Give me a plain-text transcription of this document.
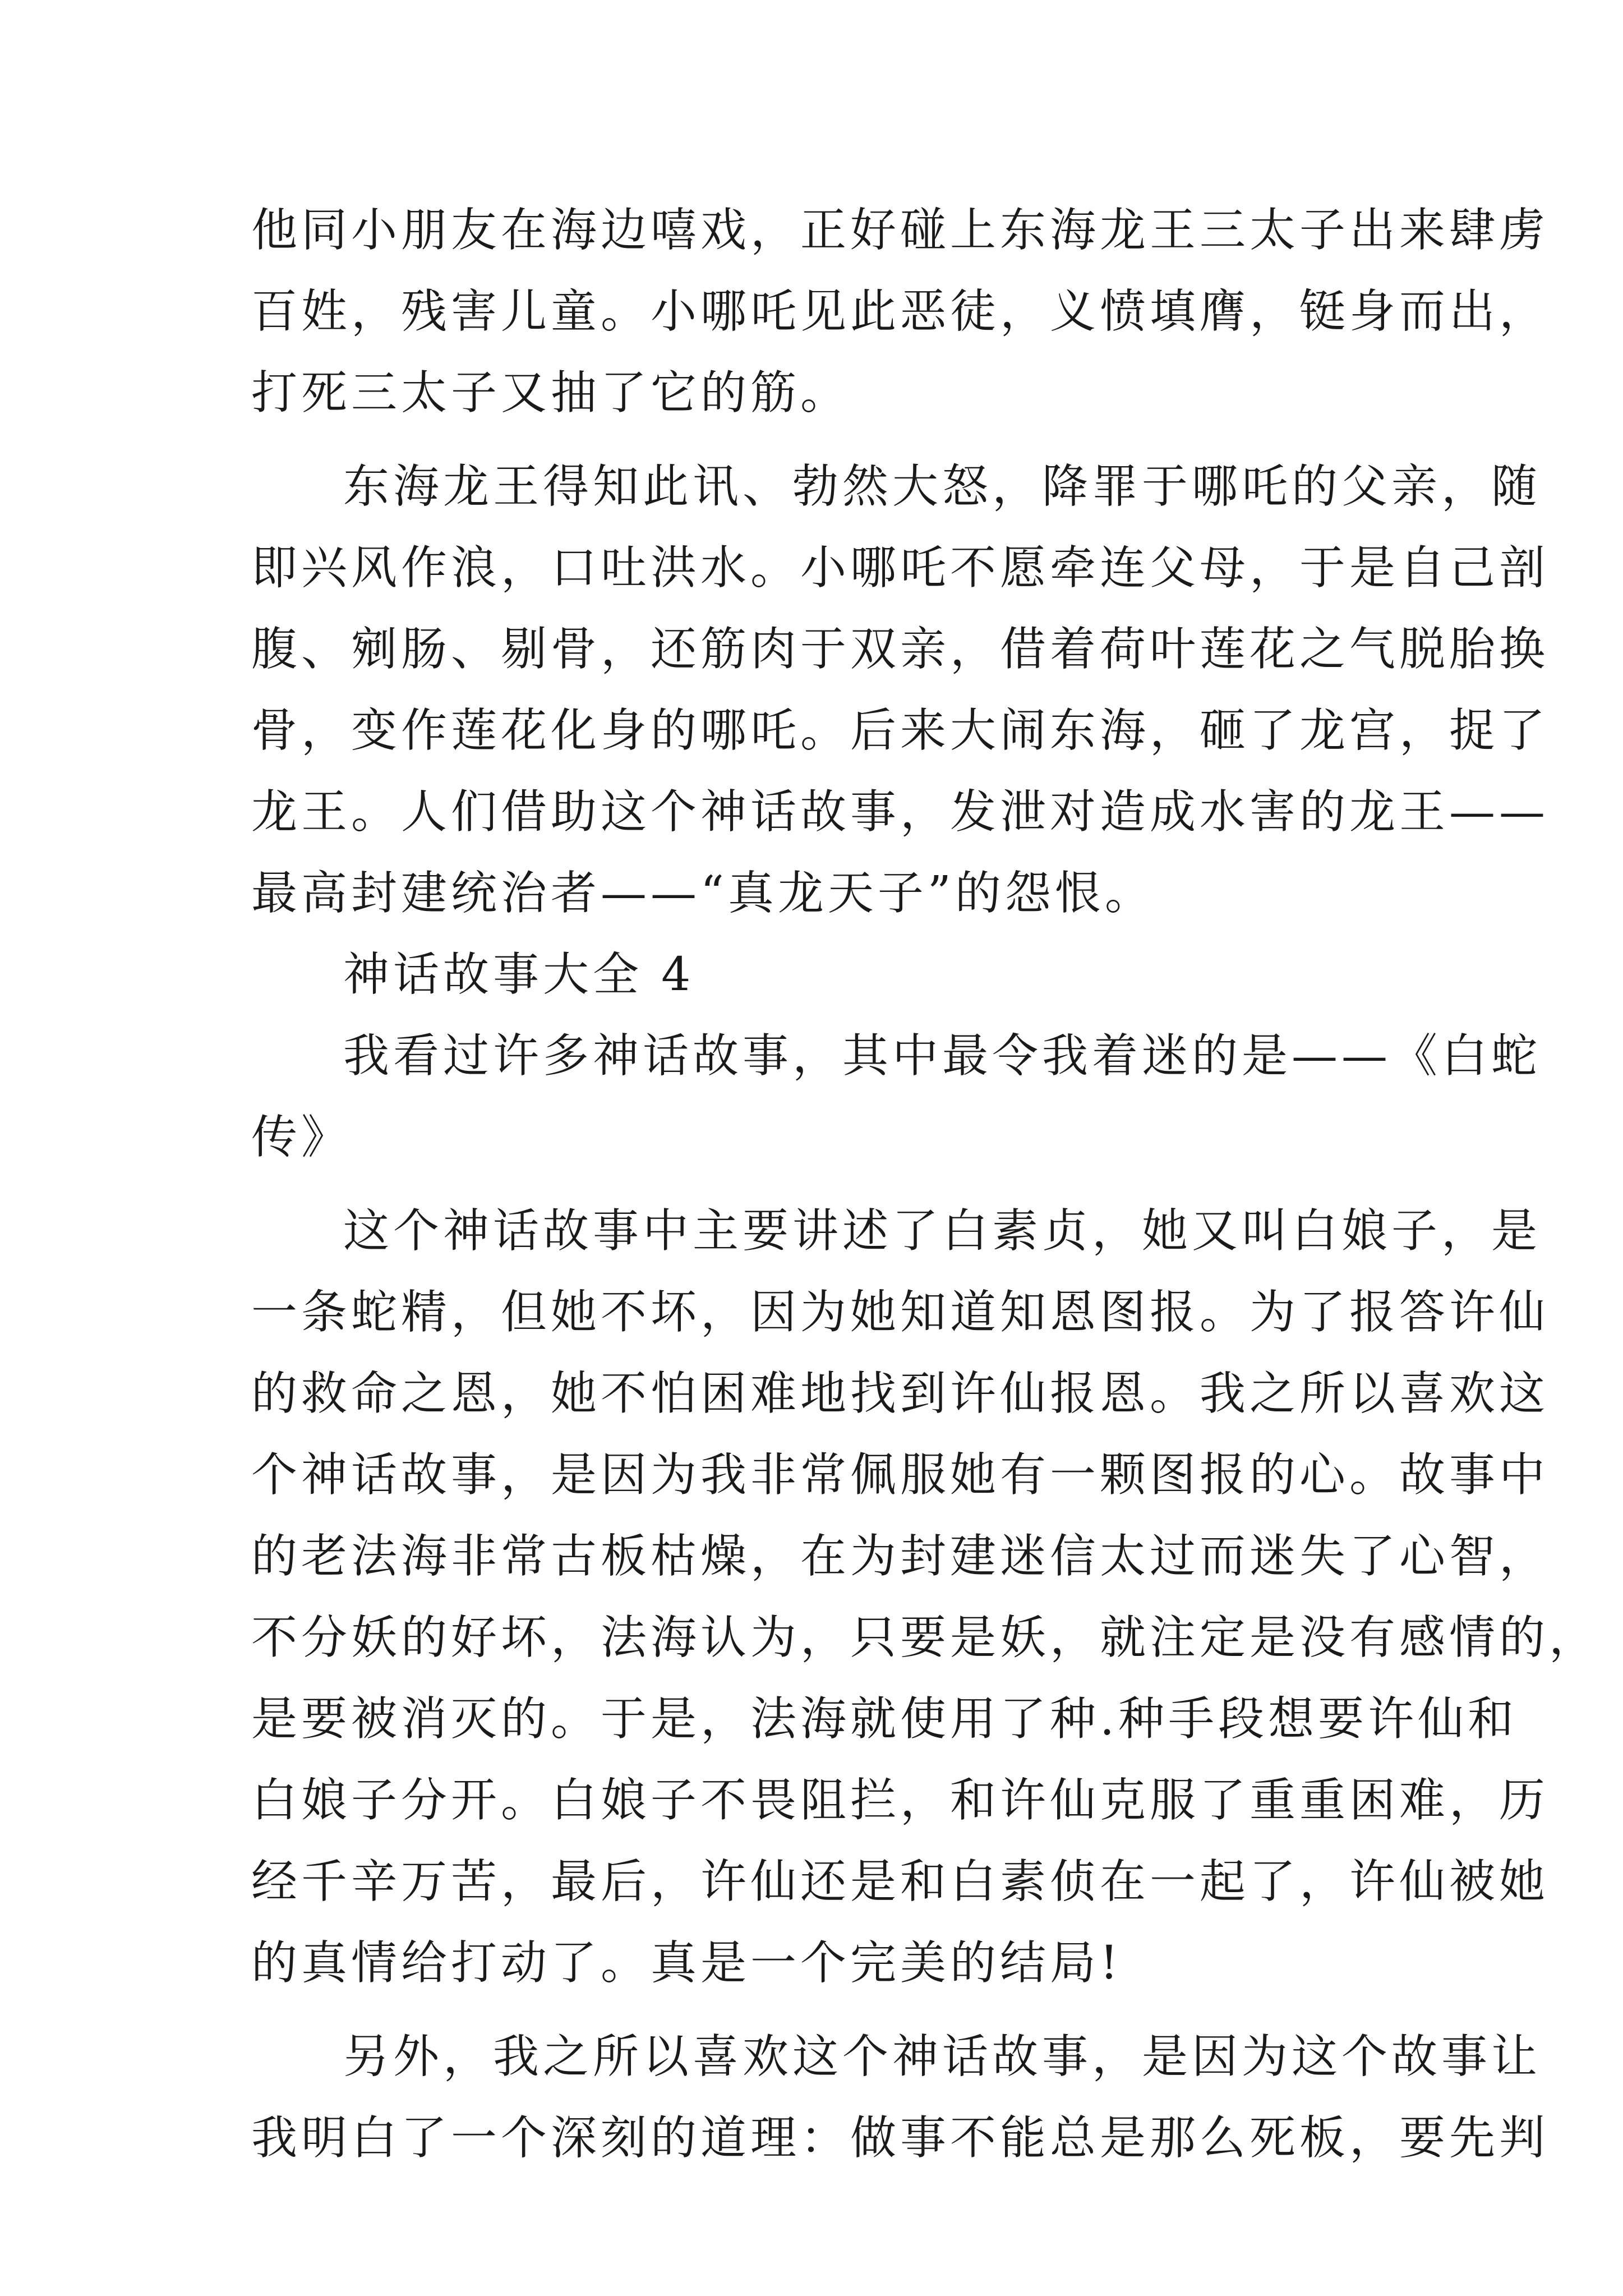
他同小朋友在海边嘻戏，正好碰上东海龙王三太子出来肆虏
百姓，残害儿童。小哪吒见此恶徒，义愤填膺，铤身而出，
打死三太子又抽了它的筋。
东海龙王得知此讯、勃然大怒，降罪于哪吒的父亲，随
即兴风作浪，口吐洪水。小哪吒不愿牵连父母，于是自己剖
腹、剜肠、剔骨，还筋肉于双亲，借着荷叶莲花之气脱胎换
骨，变作莲花化身的哪吒。后来大闹东海，砸了龙宫，捉了
龙王。人们借助这个神话故事，发泄对造成水害的龙王——
最高封建统治者——“真龙天子”的怨恨。
神话故事大全 4
我看过许多神话故事，其中最令我着迷的是——《白蛇
传》
这个神话故事中主要讲述了白素贞，她又叫白娘子，是
一条蛇精，但她不坏，因为她知道知恩图报。为了报答许仙
的救命之恩，她不怕困难地找到许仙报恩。我之所以喜欢这
个神话故事，是因为我非常佩服她有一颗图报的心。故事中
的老法海非常古板枯燥，在为封建迷信太过而迷失了心智，
不分妖的好坏，法海认为，只要是妖，就注定是没有感情的，
是要被消灭的。于是，法海就使用了种.种手段想要许仙和
白娘子分开。白娘子不畏阻拦，和许仙克服了重重困难，历
经千辛万苦，最后，许仙还是和白素侦在一起了，许仙被她
的真情给打动了。真是一个完美的结局!
另外，我之所以喜欢这个神话故事，是因为这个故事让
我明白了一个深刻的道理：做事不能总是那么死板，要先判
